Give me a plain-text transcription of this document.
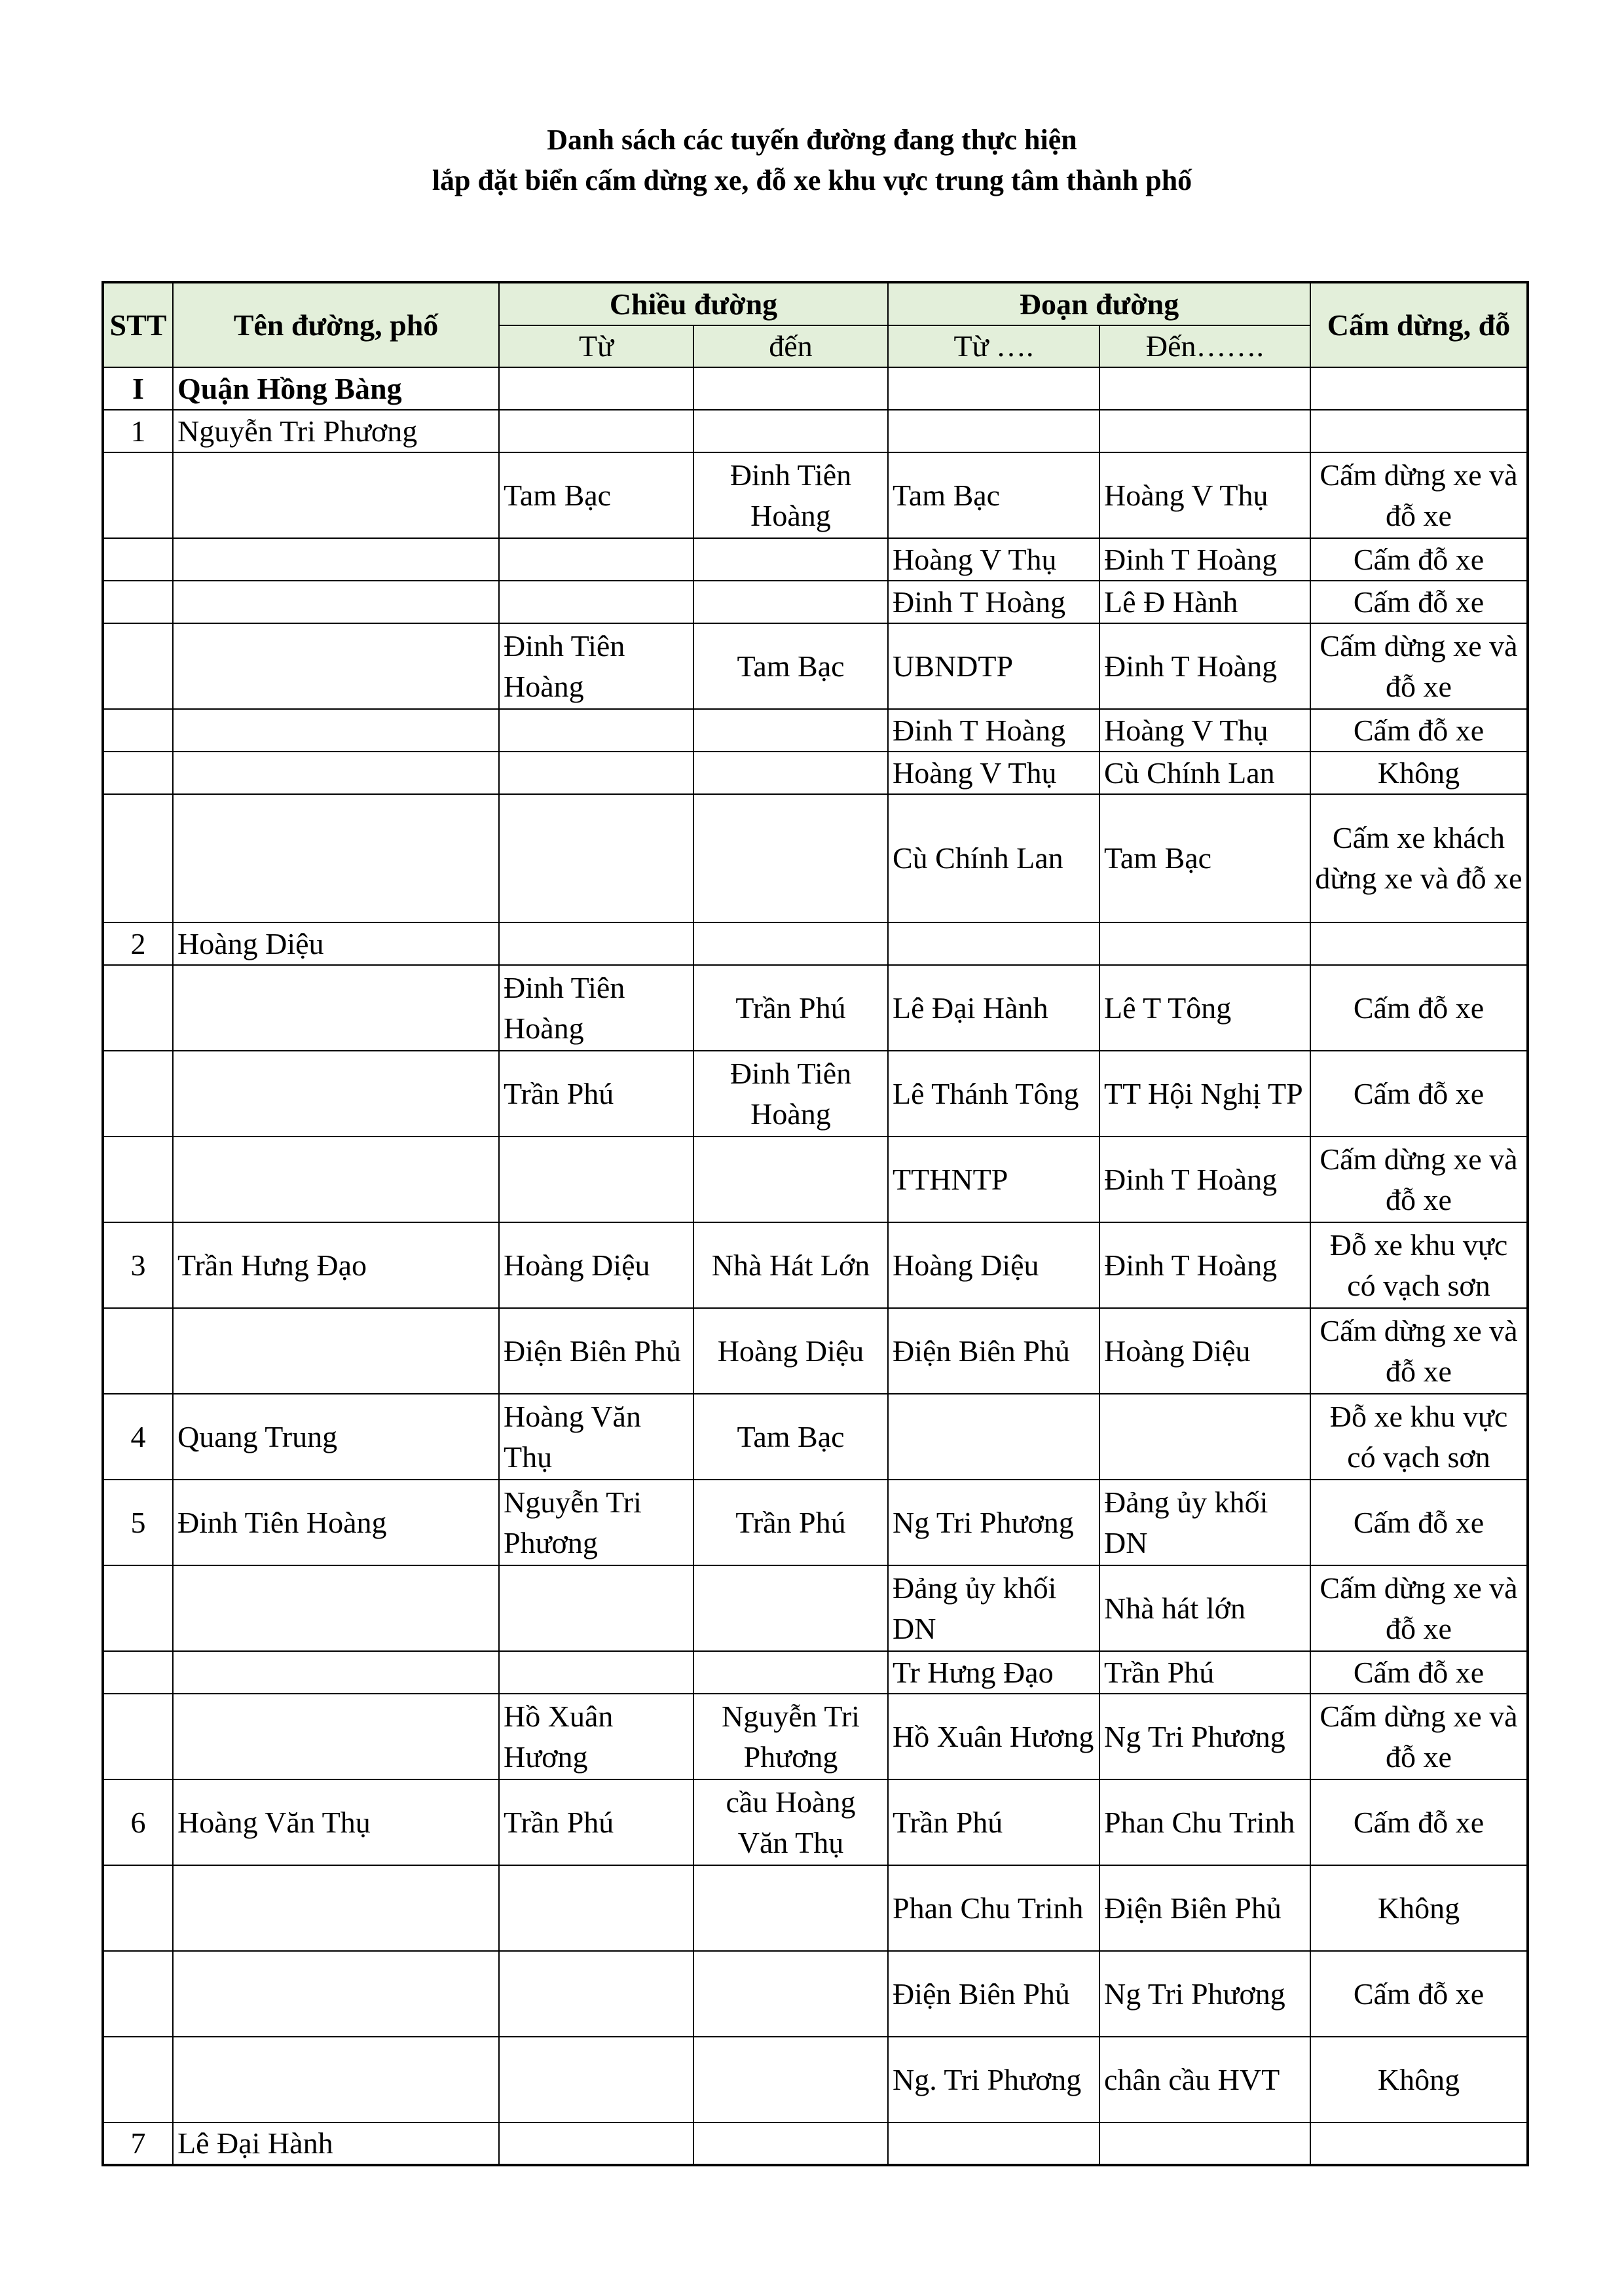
Danh sách các tuyến đường đang thực hiện
lắp đặt biển cấm dừng xe, đỗ xe khu vực trung tâm thành phố
STT	Tên đường, phố	Chiều đường		Đoạn đường		Cấm dừng, đỗ
		Từ	đến	Từ ….	Đến…….	
I	Quận Hồng Bàng					
1	Nguyễn Tri Phương					
		Tam Bạc	Đinh Tiên Hoàng	Tam Bạc	Hoàng V Thụ	Cấm dừng xe và đỗ xe
				Hoàng V Thụ	Đinh T Hoàng	Cấm đỗ xe
				Đinh T Hoàng	Lê Đ Hành	Cấm đỗ xe
		Đinh Tiên Hoàng	Tam Bạc	UBNDTP	Đinh T Hoàng	Cấm dừng xe và đỗ xe
				Đinh T Hoàng	Hoàng V Thụ	Cấm đỗ xe
				Hoàng V Thụ	Cù Chính Lan	Không
				Cù Chính Lan	Tam Bạc	Cấm xe khách dừng xe và đỗ xe
2	Hoàng Diệu					
		Đinh Tiên Hoàng	Trần Phú	Lê Đại Hành	Lê T Tông	Cấm đỗ xe
		Trần Phú	Đinh Tiên Hoàng	Lê Thánh Tông	TT Hội Nghị TP	Cấm đỗ xe
				TTHNTP	Đinh T Hoàng	Cấm dừng xe và đỗ xe
3	Trần Hưng Đạo	Hoàng Diệu	Nhà Hát Lớn	Hoàng Diệu	Đinh T Hoàng	Đỗ xe khu vực có vạch sơn
		Điện Biên Phủ	Hoàng Diệu	Điện Biên Phủ	Hoàng Diệu	Cấm dừng xe và đỗ xe
4	Quang Trung	Hoàng Văn Thụ	Tam Bạc			Đỗ xe khu vực có vạch sơn
5	Đinh Tiên Hoàng	Nguyễn Tri Phương	Trần Phú	Ng Tri Phương	Đảng ủy khối DN	Cấm đỗ xe
				Đảng ủy khối DN	Nhà hát lớn	Cấm dừng xe và đỗ xe
				Tr Hưng Đạo	Trần Phú	Cấm đỗ xe
		Hồ Xuân Hương	Nguyễn Tri Phương	Hồ Xuân Hương	Ng Tri Phương	Cấm dừng xe và đỗ xe
6	Hoàng Văn Thụ	Trần Phú	cầu Hoàng Văn Thụ	Trần Phú	Phan Chu Trinh	Cấm đỗ xe
				Phan Chu Trinh	Điện Biên Phủ	Không
				Điện Biên Phủ	Ng Tri Phương	Cấm đỗ xe
				Ng. Tri Phương	chân cầu HVT	Không
7	Lê Đại Hành					
